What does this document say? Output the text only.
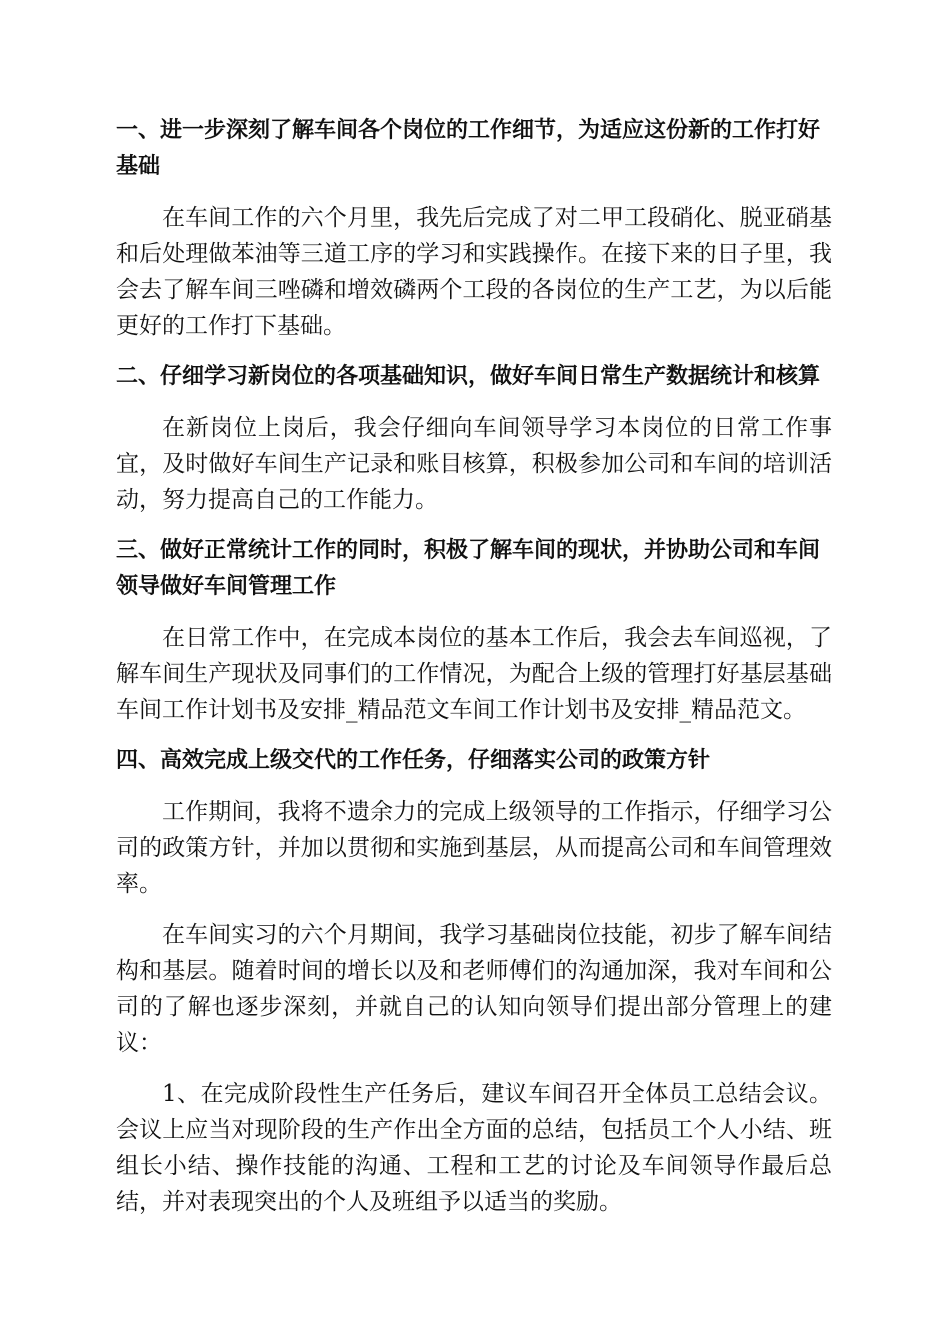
一、进一步深刻了解车间各个岗位的工作细节，为适应这份新的工作打好基础
在车间工作的六个月里，我先后完成了对二甲工段硝化、脱亚硝基和后处理做苯油等三道工序的学习和实践操作。在接下来的日子里，我会去了解车间三唑磷和增效磷两个工段的各岗位的生产工艺，为以后能更好的工作打下基础。
二、仔细学习新岗位的各项基础知识，做好车间日常生产数据统计和核算
在新岗位上岗后，我会仔细向车间领导学习本岗位的日常工作事宜，及时做好车间生产记录和账目核算，积极参加公司和车间的培训活动，努力提高自己的工作能力。
三、做好正常统计工作的同时，积极了解车间的现状，并协助公司和车间领导做好车间管理工作
在日常工作中，在完成本岗位的基本工作后，我会去车间巡视，了解车间生产现状及同事们的工作情况，为配合上级的管理打好基层基础车间工作计划书及安排_精品范文车间工作计划书及安排_精品范文。
四、高效完成上级交代的工作任务，仔细落实公司的政策方针
工作期间，我将不遗余力的完成上级领导的工作指示，仔细学习公司的政策方针，并加以贯彻和实施到基层，从而提高公司和车间管理效率。
在车间实习的六个月期间，我学习基础岗位技能，初步了解车间结构和基层。随着时间的增长以及和老师傅们的沟通加深，我对车间和公司的了解也逐步深刻，并就自己的认知向领导们提出部分管理上的建议：
1、在完成阶段性生产任务后，建议车间召开全体员工总结会议。会议上应当对现阶段的生产作出全方面的总结，包括员工个人小结、班组长小结、操作技能的沟通、工程和工艺的讨论及车间领导作最后总结，并对表现突出的个人及班组予以适当的奖励。
